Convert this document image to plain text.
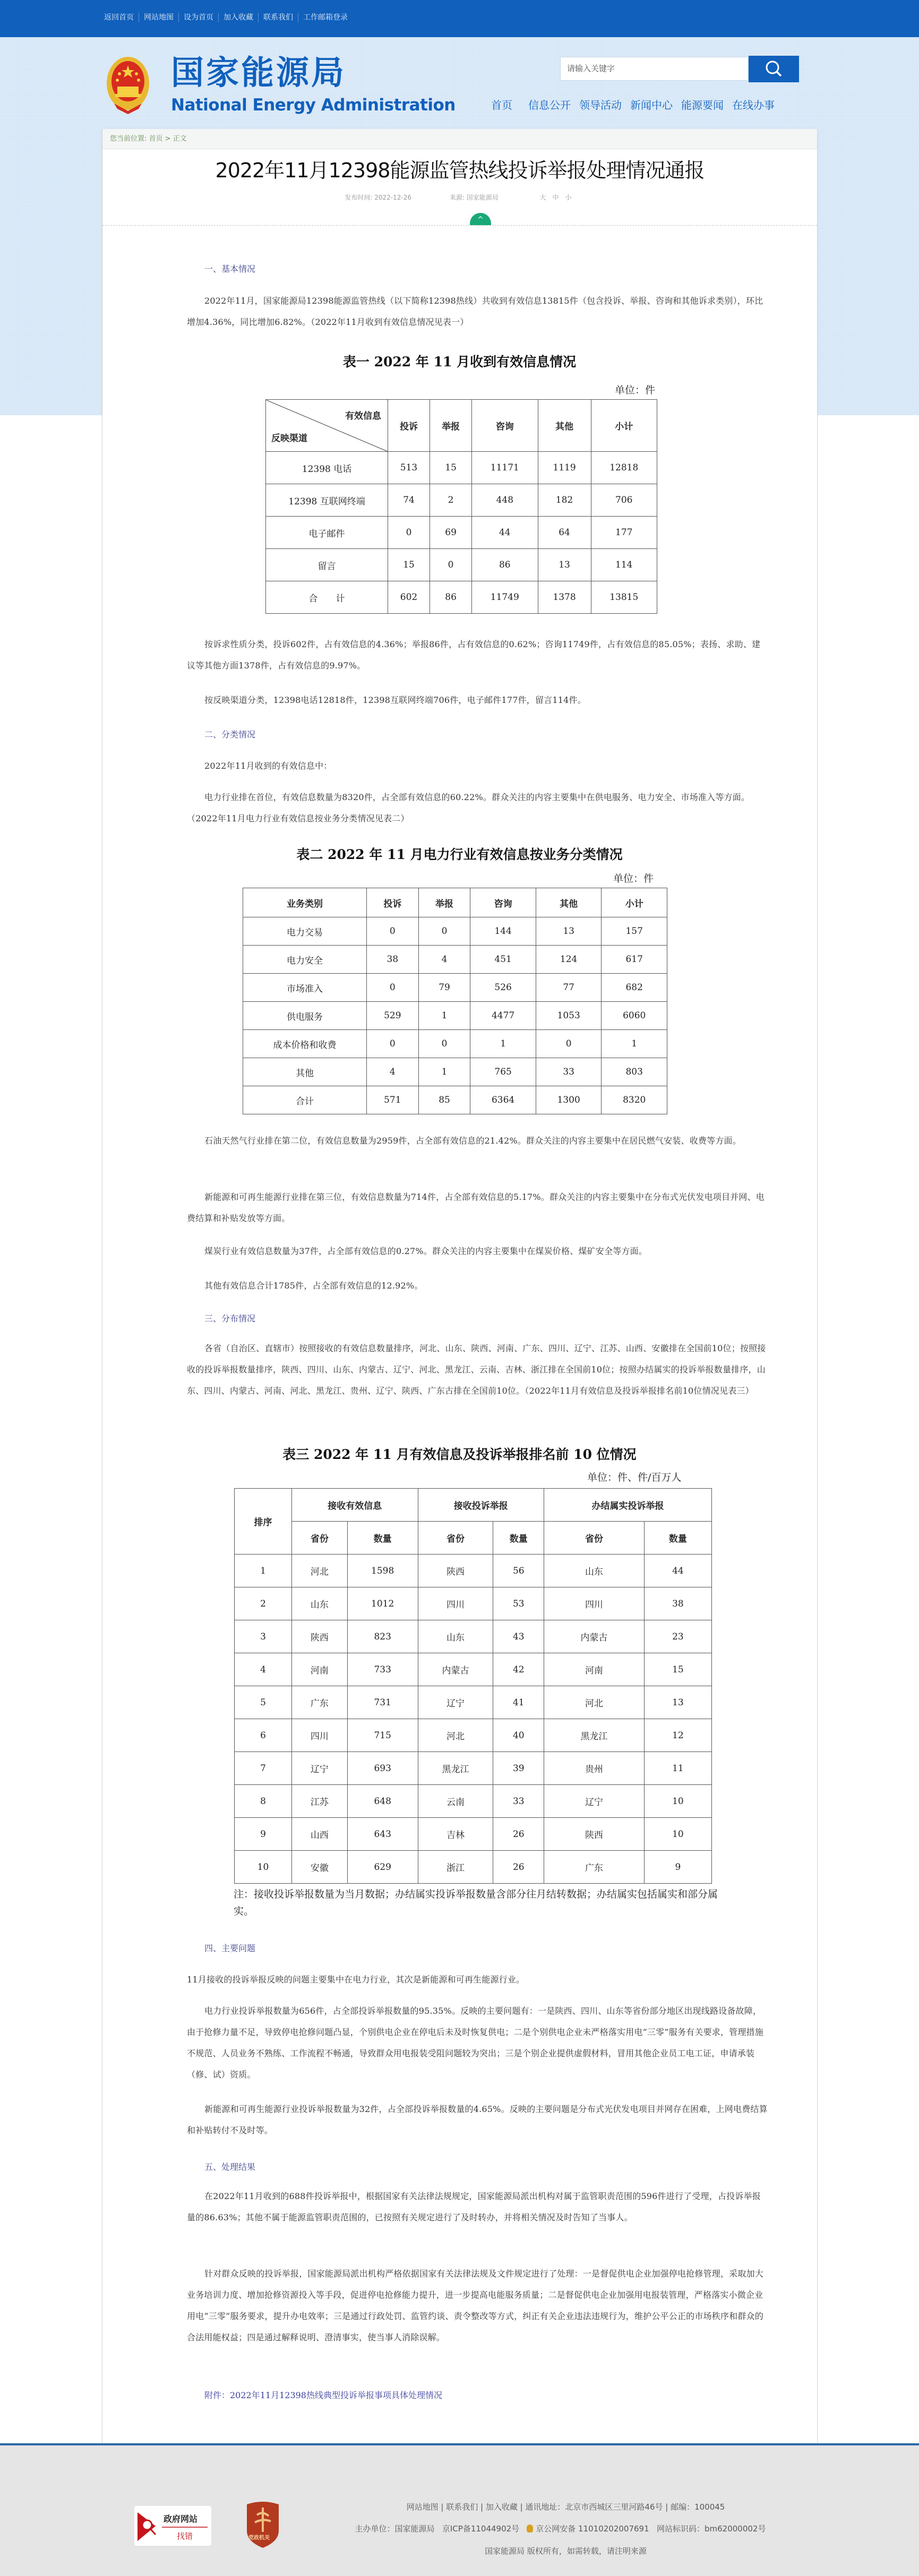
返回首页	网站地图	设为首页	加入收藏	联系我们	工作邮箱登录
国家能源局
National Energy Administration
请输入关键字
首页 信息公开 领导活动 新闻中心 能源要闻 在线办事
您当前位置: 首页 > 正文
2022年11月12398能源监管热线投诉举报处理情况通报
发布时间: 2022-12-26	来源: 国家能源局	大 中 小
^
一、基本情况
2022年11月，国家能源局12398能源监管热线（以下简称12398热线）共收到有效信息13815件（包含投诉、举报、咨询和其他诉求类别），环比增加4.36%，同比增加6.82%。（2022年11月收到有效信息情况见表一）
表一 2022 年 11 月收到有效信息情况
单位：件
有效信息
反映渠道	投诉	举报	咨询	其他	小计
12398 电话	513	15	11171	1119	12818
12398 互联网终端	74	2	448	182	706
电子邮件	0	69	44	64	177
留言	15	0	86	13	114
合　　计	602	86	11749	1378	13815
按诉求性质分类，投诉602件，占有效信息的4.36%；举报86件，占有效信息的0.62%；咨询11749件，占有效信息的85.05%；表扬、求助、建议等其他方面1378件，占有效信息的9.97%。
按反映渠道分类，12398电话12818件，12398互联网终端706件，电子邮件177件，留言114件。
二、分类情况
2022年11月收到的有效信息中：
电力行业排在首位，有效信息数量为8320件，占全部有效信息的60.22%。群众关注的内容主要集中在供电服务、电力安全、市场准入等方面。（2022年11月电力行业有效信息按业务分类情况见表二）
表二 2022 年 11 月电力行业有效信息按业务分类情况
单位：件
业务类别	投诉	举报	咨询	其他	小计
电力交易	0	0	144	13	157
电力安全	38	4	451	124	617
市场准入	0	79	526	77	682
供电服务	529	1	4477	1053	6060
成本价格和收费	0	0	1	0	1
其他	4	1	765	33	803
合计	571	85	6364	1300	8320
石油天然气行业排在第二位，有效信息数量为2959件，占全部有效信息的21.42%。群众关注的内容主要集中在居民燃气安装、收费等方面。
新能源和可再生能源行业排在第三位，有效信息数量为714件，占全部有效信息的5.17%。群众关注的内容主要集中在分布式光伏发电项目并网、电费结算和补贴发放等方面。
煤炭行业有效信息数量为37件，占全部有效信息的0.27%。群众关注的内容主要集中在煤炭价格、煤矿安全等方面。
其他有效信息合计1785件，占全部有效信息的12.92%。
三、分布情况
各省（自治区、直辖市）按照接收的有效信息数量排序，河北、山东、陕西、河南、广东、四川、辽宁、江苏、山西、安徽排在全国前10位；按照接收的投诉举报数量排序，陕西、四川、山东、内蒙古、辽宁、河北、黑龙江、云南、吉林、浙江排在全国前10位；按照办结属实的投诉举报数量排序，山东、四川、内蒙古、河南、河北、黑龙江、贵州、辽宁、陕西、广东古排在全国前10位。（2022年11月有效信息及投诉举报排名前10位情况见表三）
表三 2022 年 11 月有效信息及投诉举报排名前 10 位情况
单位：件、件/百万人
排序	接收有效信息		接收投诉举报		办结属实投诉举报	
	省份	数量	省份	数量	省份	数量
1	河北	1598	陕西	56	山东	44
2	山东	1012	四川	53	四川	38
3	陕西	823	山东	43	内蒙古	23
4	河南	733	内蒙古	42	河南	15
5	广东	731	辽宁	41	河北	13
6	四川	715	河北	40	黑龙江	12
7	辽宁	693	黑龙江	39	贵州	11
8	江苏	648	云南	33	辽宁	10
9	山西	643	吉林	26	陕西	10
10	安徽	629	浙江	26	广东	9
注：接收投诉举报数量为当月数据；办结属实投诉举报数量含部分往月结转数据；办结属实包括属实和部分属实。
四、主要问题
11月接收的投诉举报反映的问题主要集中在电力行业，其次是新能源和可再生能源行业。
电力行业投诉举报数量为656件，占全部投诉举报数量的95.35%。反映的主要问题有：一是陕西、四川、山东等省份部分地区出现线路设备故障，由于抢修力量不足，导致停电抢修问题凸显，个别供电企业在停电后未及时恢复供电；二是个别供电企业未严格落实用电“三零”服务有关要求，管理措施不规范、人员业务不熟练、工作流程不畅通，导致群众用电报装受阻问题较为突出；三是个别企业提供虚假材料，冒用其他企业员工电工证，申请承装（修、试）资质。
新能源和可再生能源行业投诉举报数量为32件，占全部投诉举报数量的4.65%。反映的主要问题是分布式光伏发电项目并网存在困难，上网电费结算和补贴转付不及时等。
五、处理结果
在2022年11月收到的688件投诉举报中，根据国家有关法律法规规定，国家能源局派出机构对属于监管职责范围的596件进行了受理，占投诉举报量的86.63%；其他不属于能源监管职责范围的，已按照有关规定进行了及时转办，并将相关情况及时告知了当事人。
针对群众反映的投诉举报，国家能源局派出机构严格依据国家有关法律法规及文件规定进行了处理：一是督促供电企业加强停电抢修管理，采取加大业务培训力度、增加抢修资源投入等手段，促进停电抢修能力提升，进一步提高电能服务质量；二是督促供电企业加强用电报装管理，严格落实小微企业用电“三零”服务要求，提升办电效率；三是通过行政处罚、监管约谈、责令整改等方式，纠正有关企业违法违规行为，维护公平公正的市场秩序和群众的合法用能权益；四是通过解释说明、澄清事实，使当事人消除误解。
附件：2022年11月12398热线典型投诉举报事项具体处理情况
政府网站
找错	党政机关
网站地图 | 联系我们 | 加入收藏 | 通讯地址：北京市西城区三里河路46号 | 邮编：100045
主办单位：国家能源局 京ICP备11044902号 京公网安备 11010202007691 网站标识码：bm62000002号
国家能源局 版权所有，如需转载，请注明来源
